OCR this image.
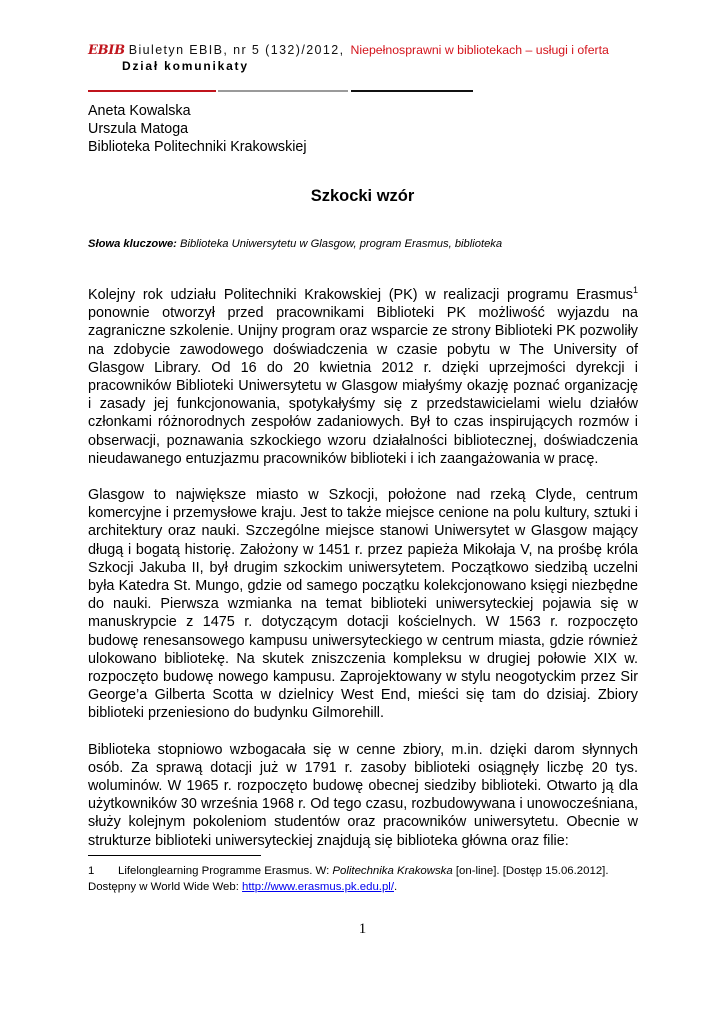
EBIB Biuletyn EBIB, nr 5 (132)/2012, Niepełnosprawni w bibliotekach – usługi i oferta
Dział komunikaty
Aneta Kowalska
Urszula Matoga
Biblioteka Politechniki Krakowskiej
Szkocki wzór
Słowa kluczowe: Biblioteka Uniwersytetu w Glasgow, program Erasmus, biblioteka

Kolejny rok udziału Politechniki Krakowskiej (PK) w realizacji programu Erasmus$^1$ ponownie otworzył przed pracownikami Biblioteki PK możliwość wyjazdu na zagraniczne szkolenie. Unijny program oraz wsparcie ze strony Biblioteki PK pozwoliły na zdobycie zawodowego doświadczenia w czasie pobytu w The University of Glasgow Library. Od 16 do 20 kwietnia 2012 r. dzięki uprzejmości dyrekcji i pracowników Biblioteki Uniwersytetu w Glasgow miałyśmy okazję poznać organizację i zasady jej funkcjonowania, spotykałyśmy się z przedstawicielami wielu działów członkami różnorodnych zespołów zadaniowych. Był to czas inspirujących rozmów i obserwacji, poznawania szkockiego wzoru działalności bibliotecznej, doświadczenia nieudawanego entuzjazmu pracowników biblioteki i ich zaangażowania w pracę.

Glasgow to największe miasto w Szkocji, położone nad rzeką Clyde, centrum komercyjne i przemysłowe kraju. Jest to także miejsce cenione na polu kultury, sztuki i architektury oraz nauki. Szczególne miejsce stanowi Uniwersytet w Glasgow mający długą i bogatą historię. Założony w 1451 r. przez papieża Mikołaja V, na prośbę króla Szkocji Jakuba II, był drugim szkockim uniwersytetem. Początkowo siedzibą uczelni była Katedra St. Mungo, gdzie od samego początku kolekcjonowano księgi niezbędne do nauki. Pierwsza wzmianka na temat biblioteki uniwersyteckiej pojawia się w manuskrypcie z 1475 r. dotyczącym dotacji kościelnych. W 1563 r. rozpoczęto budowę renesansowego kampusu uniwersyteckiego w centrum miasta, gdzie również ulokowano bibliotekę. Na skutek zniszczenia kompleksu w drugiej połowie XIX w. rozpoczęto budowę nowego kampusu. Zaprojektowany w stylu neogotyckim przez Sir George’a Gilberta Scotta w dzielnicy West End, mieści się tam do dzisiaj. Zbiory biblioteki przeniesiono do budynku Gilmorehill.

Biblioteka stopniowo wzbogacała się w cenne zbiory, m.in. dzięki darom słynnych osób. Za sprawą dotacji już w 1791 r. zasoby biblioteki osiągnęły liczbę 20 tys. woluminów. W 1965 r. rozpoczęto budowę obecnej siedziby biblioteki. Otwarto ją dla użytkowników 30 września 1968 r. Od tego czasu, rozbudowywana i unowocześniana, służy kolejnym pokoleniom studentów oraz pracowników uniwersytetu. Obecnie w strukturze biblioteki uniwersyteckiej znajdują się biblioteka główna oraz filie:

1 Lifelonglearning Programme Erasmus. W: Politechnika Krakowska [on-line]. [Dostęp 15.06.2012]. Dostępny w World Wide Web: http://www.erasmus.pk.edu.pl/.
1
